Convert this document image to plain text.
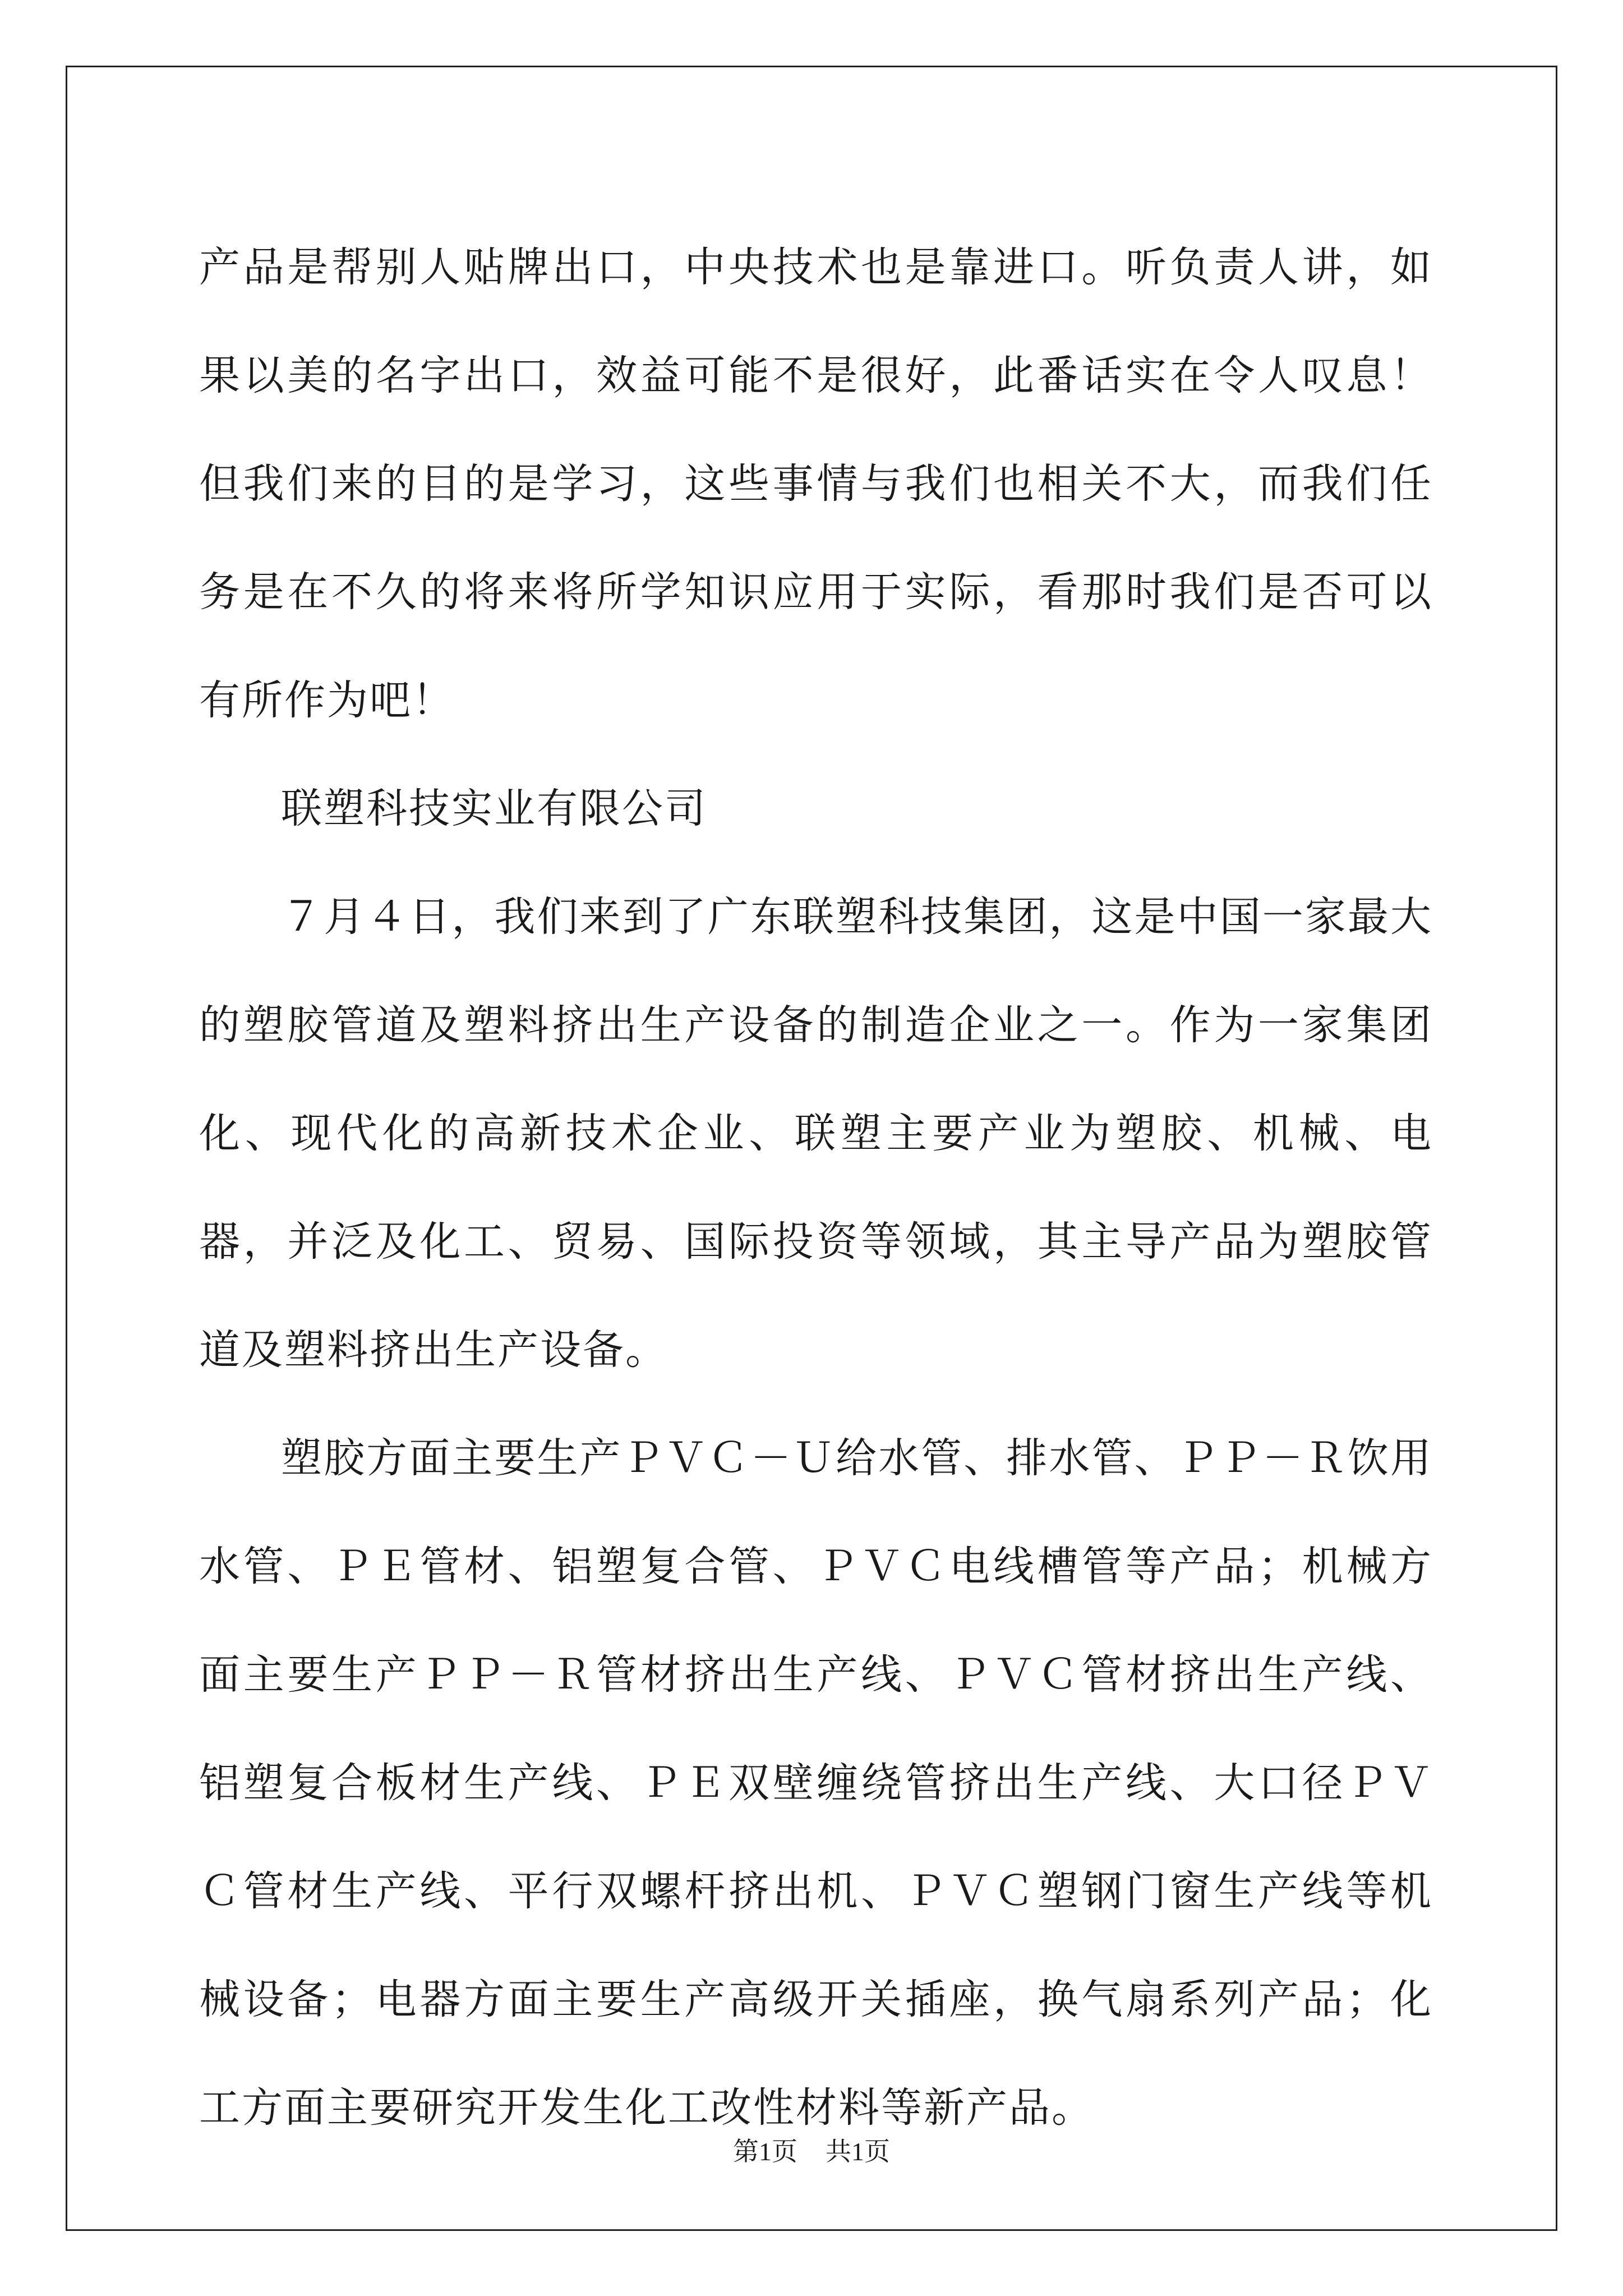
产品是帮别人贴牌出口，中央技术也是靠进口。听负责人讲，如果以美的名字出口，效益可能不是很好，此番话实在令人叹息！但我们来的目的是学习，这些事情与我们也相关不大，而我们任务是在不久的将来将所学知识应用于实际，看那时我们是否可以有所作为吧！

联塑科技实业有限公司

７月４日，我们来到了广东联塑科技集团，这是中国一家最大的塑胶管道及塑料挤出生产设备的制造企业之一。作为一家集团化、现代化的高新技术企业、联塑主要产业为塑胶、机械、电器，并泛及化工、贸易、国际投资等领域，其主导产品为塑胶管道及塑料挤出生产设备。

塑胶方面主要生产ＰＶＣ－Ｕ给水管、排水管、ＰＰ－Ｒ饮用水管、ＰＥ管材、铝塑复合管、ＰＶＣ电线槽管等产品；机械方面主要生产ＰＰ－Ｒ管材挤出生产线、ＰＶＣ管材挤出生产线、铝塑复合板材生产线、ＰＥ双壁缠绕管挤出生产线、大口径ＰＶＣ管材生产线、平行双螺杆挤出机、ＰＶＣ塑钢门窗生产线等机械设备；电器方面主要生产高级开关插座，换气扇系列产品；化工方面主要研究开发生化工改性材料等新产品。

第1页 共1页
